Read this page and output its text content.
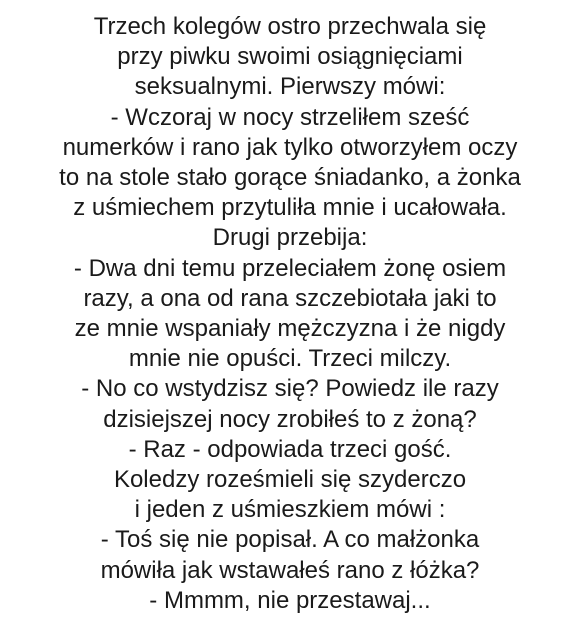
Trzech kolegów ostro przechwala się
przy piwku swoimi osiągnięciami
seksualnymi. Pierwszy mówi:
- Wczoraj w nocy strzeliłem sześć
numerków i rano jak tylko otworzyłem oczy
to na stole stało gorące śniadanko, a żonka
z uśmiechem przytuliła mnie i ucałowała.
Drugi przebija:
- Dwa dni temu przeleciałem żonę osiem
razy, a ona od rana szczebiotała jaki to
ze mnie wspaniały mężczyzna i że nigdy
mnie nie opuści. Trzeci milczy.
- No co wstydzisz się? Powiedz ile razy
dzisiejszej nocy zrobiłeś to z żoną?
- Raz - odpowiada trzeci gość.
Koledzy roześmieli się szyderczo
i jeden z uśmieszkiem mówi :
- Toś się nie popisał. A co małżonka
mówiła jak wstawałeś rano z łóżka?
- Mmmm, nie przestawaj...
